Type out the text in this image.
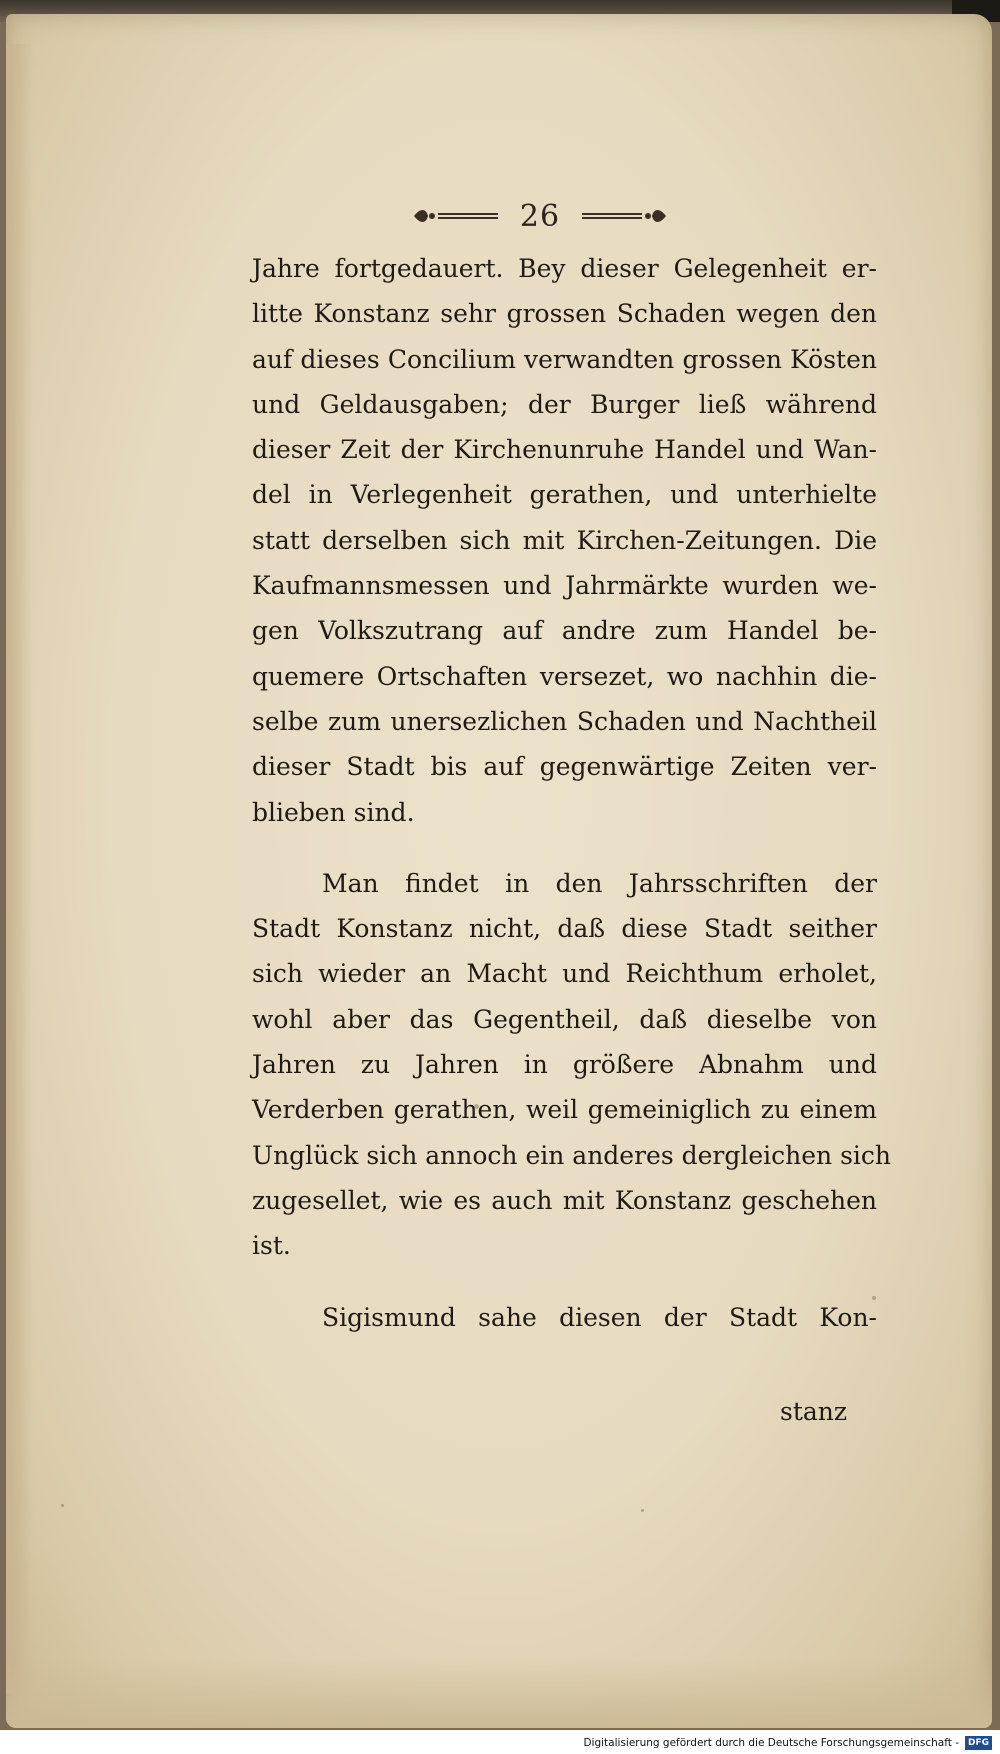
26
Jahre fortgedauert. Bey dieser Gelegenheit er-
litte Konstanz sehr grossen Schaden wegen den
auf dieses Concilium verwandten grossen Kösten
und Geldausgaben; der Burger ließ während
dieser Zeit der Kirchenunruhe Handel und Wan-
del in Verlegenheit gerathen, und unterhielte
statt derselben sich mit Kirchen-Zeitungen. Die
Kaufmannsmessen und Jahrmärkte wurden we-
gen Volkszutrang auf andre zum Handel be-
quemere Ortschaften versezet, wo nachhin die-
selbe zum unersezlichen Schaden und Nachtheil
dieser Stadt bis auf gegenwärtige Zeiten ver-
blieben sind.
Man findet in den Jahrsschriften der
Stadt Konstanz nicht, daß diese Stadt seither
sich wieder an Macht und Reichthum erholet,
wohl aber das Gegentheil, daß dieselbe von
Jahren zu Jahren in größere Abnahm und
Verderben gerathen, weil gemeiniglich zu einem
Unglück sich annoch ein anderes dergleichen sich
zugesellet, wie es auch mit Konstanz geschehen
ist.
Sigismund sahe diesen der Stadt Kon-
stanz
Digitalisierung gefördert durch die Deutsche Forschungsgemeinschaft -	DFG
